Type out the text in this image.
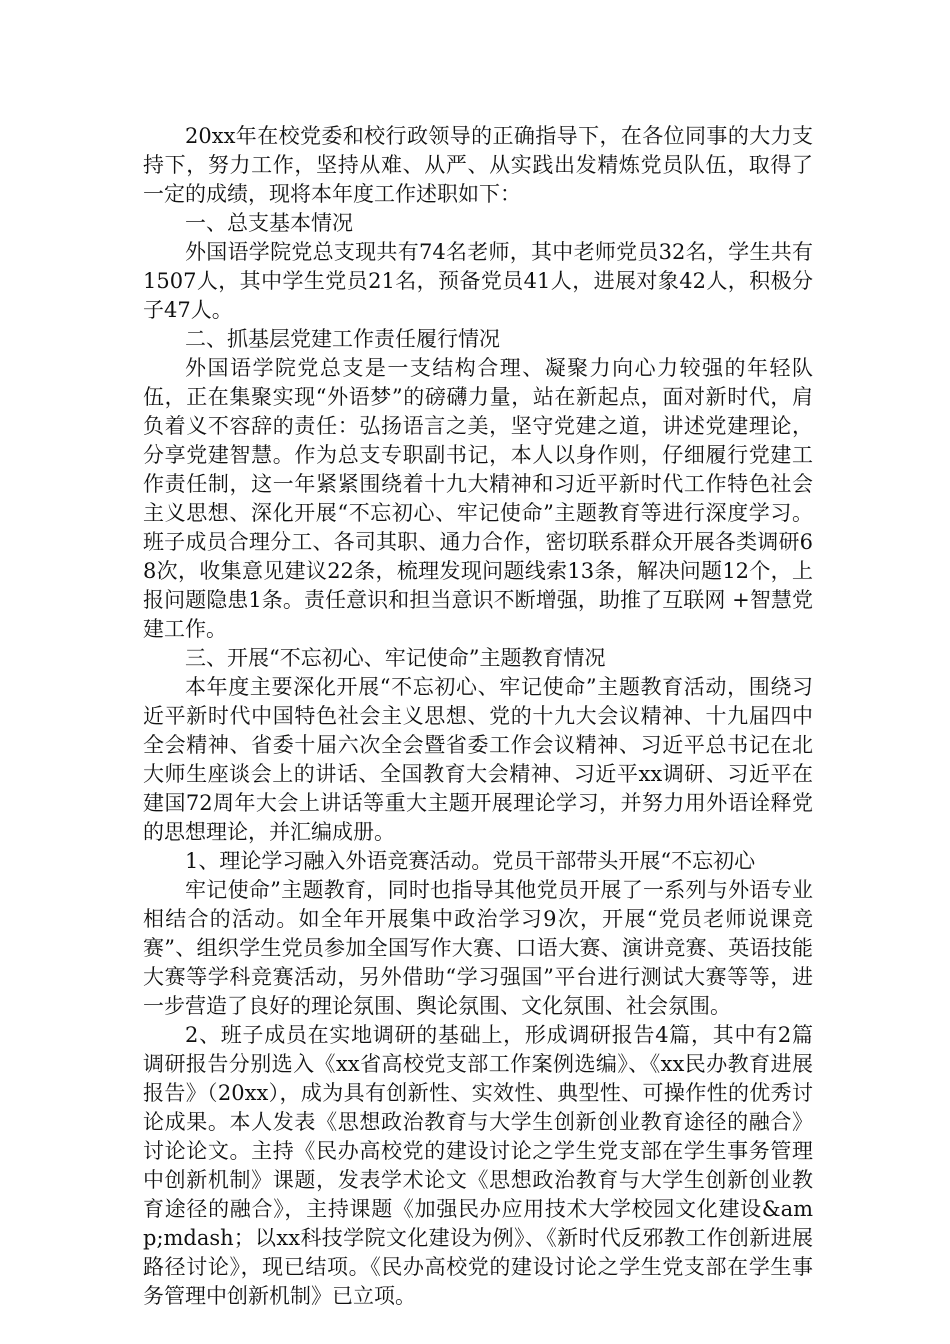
20xx年在校党委和校行政领导的正确指导下，在各位同事的大力支持下，努力工作，坚持从难、从严、从实践出发精炼党员队伍，取得了一定的成绩，现将本年度工作述职如下：

一、总支基本情况

外国语学院党总支现共有74名老师，其中老师党员32名，学生共有1507人，其中学生党员21名，预备党员41人，进展对象42人，积极分子47人。

二、抓基层党建工作责任履行情况

外国语学院党总支是一支结构合理、凝聚力向心力较强的年轻队伍，正在集聚实现“外语梦”的磅礴力量，站在新起点，面对新时代，肩负着义不容辞的责任：弘扬语言之美，坚守党建之道，讲述党建理论，分享党建智慧。作为总支专职副书记，本人以身作则，仔细履行党建工作责任制，这一年紧紧围绕着十九大精神和习近平新时代工作特色社会主义思想、深化开展“不忘初心、牢记使命”主题教育等进行深度学习。班子成员合理分工、各司其职、通力合作，密切联系群众开展各类调研68次，收集意见建议22条，梳理发现问题线索13条，解决问题12个，上报问题隐患1条。责任意识和担当意识不断增强，助推了互联网 +智慧党建工作。

三、开展“不忘初心、牢记使命”主题教育情况

本年度主要深化开展“不忘初心、牢记使命”主题教育活动，围绕习近平新时代中国特色社会主义思想、党的十九大会议精神、十九届四中全会精神、省委十届六次全会暨省委工作会议精神、习近平总书记在北大师生座谈会上的讲话、全国教育大会精神、习近平xx调研、习近平在建国72周年大会上讲话等重大主题开展理论学习，并努力用外语诠释党的思想理论，并汇编成册。

1、理论学习融入外语竞赛活动。党员干部带头开展“不忘初心

牢记使命”主题教育，同时也指导其他党员开展了一系列与外语专业相结合的活动。如全年开展集中政治学习9次，开展“党员老师说课竞赛”、组织学生党员参加全国写作大赛、口语大赛、演讲竞赛、英语技能大赛等学科竞赛活动，另外借助“学习强国”平台进行测试大赛等等，进一步营造了良好的理论氛围、舆论氛围、文化氛围、社会氛围。

2、班子成员在实地调研的基础上，形成调研报告4篇，其中有2篇调研报告分别选入《xx省高校党支部工作案例选编》、《xx民办教育进展报告》（20xx），成为具有创新性、实效性、典型性、可操作性的优秀讨论成果。本人发表《思想政治教育与大学生创新创业教育途径的融合》讨论论文。主持《民办高校党的建设讨论之学生党支部在学生事务管理中创新机制》课题，发表学术论文《思想政治教育与大学生创新创业教育途径的融合》，主持课题《加强民办应用技术大学校园文化建设&amp;mdash；以xx科技学院文化建设为例》、《新时代反邪教工作创新进展路径讨论》，现已结项。《民办高校党的建设讨论之学生党支部在学生事务管理中创新机制》已立项。
